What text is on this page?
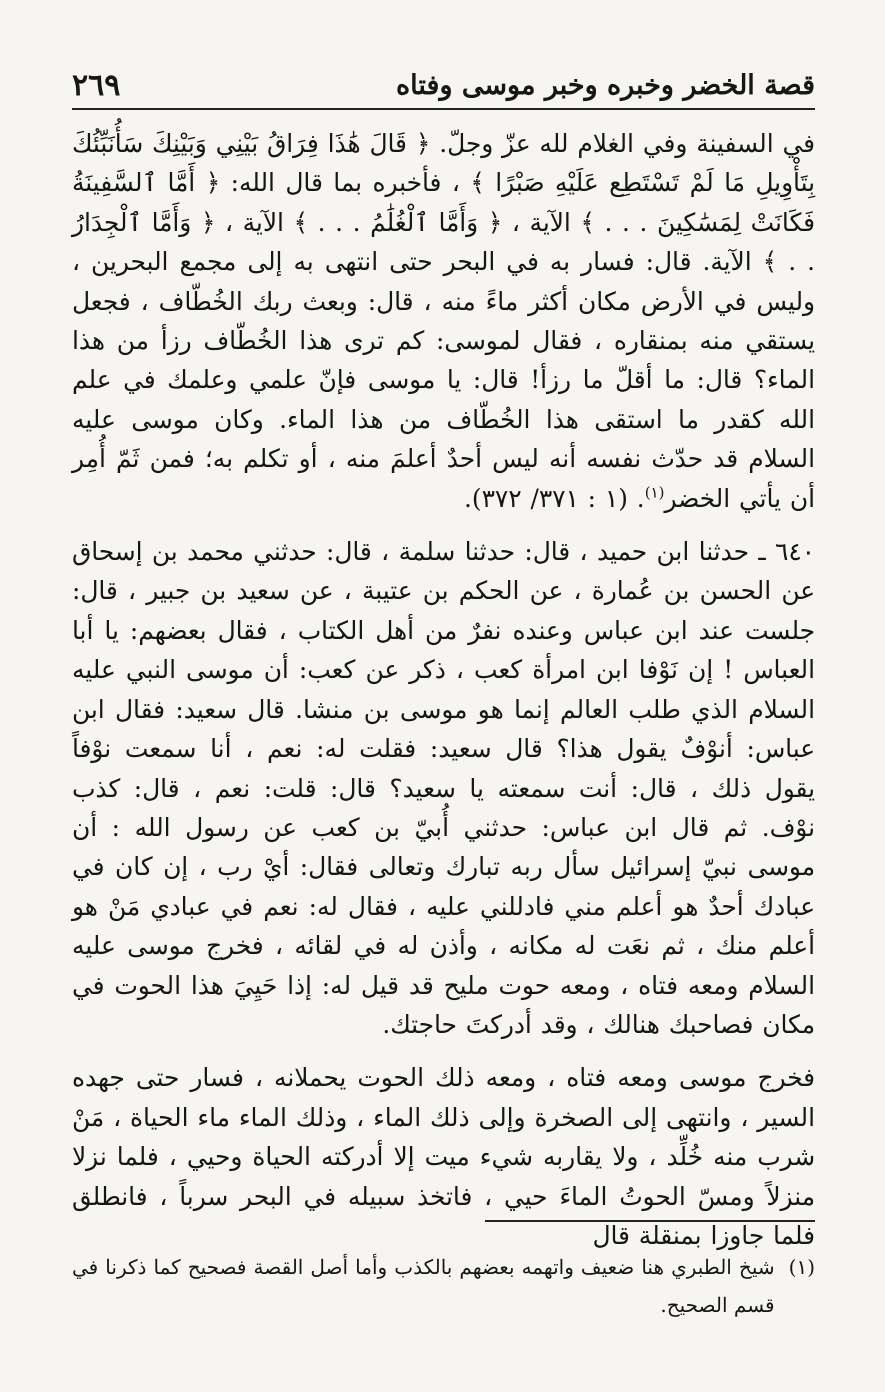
٢٦٩	قصة الخضر وخبره وخبر موسى وفتاه

في السفينة وفي الغلام لله عزّ وجلّ. ﴿ قَالَ هَٰذَا فِرَاقُ بَيْنِي وَبَيْنِكَ سَأُنَبِّئُكَ بِتَأْوِيلِ مَا لَمْ تَسْتَطِع عَلَيْهِ صَبْرًا ﴾ ، فأخبره بما قال الله: ﴿ أَمَّا ٱلسَّفِينَةُ فَكَانَتْ لِمَسَٰكِينَ . . . ﴾ الآية ، ﴿ وَأَمَّا ٱلْغُلَٰمُ . . . ﴾ الآية ، ﴿ وَأَمَّا ٱلْجِدَارُ . . ﴾ الآية. قال: فسار به في البحر حتى انتهى به إلى مجمع البحرين ، وليس في الأرض مكان أكثر ماءً منه ، قال: وبعث ربك الخُطّاف ، فجعل يستقي منه بمنقاره ، فقال لموسى: كم ترى هذا الخُطّاف رزأ من هذا الماء؟ قال: ما أقلّ ما رزأ! قال: يا موسى فإنّ علمي وعلمك في علم الله كقدر ما استقى هذا الخُطّاف من هذا الماء. وكان موسى عليه السلام قد حدّث نفسه أنه ليس أحدٌ أعلمَ منه ، أو تكلم به؛ فمن ثَمّ أُمِر أن يأتي الخضر$^{(١)}$. (١ : ٣٧١/ ٣٧٢).

٦٤٠ ـ حدثنا ابن حميد ، قال: حدثنا سلمة ، قال: حدثني محمد بن إسحاق عن الحسن بن عُمارة ، عن الحكم بن عتيبة ، عن سعيد بن جبير ، قال: جلست عند ابن عباس وعنده نفرٌ من أهل الكتاب ، فقال بعضهم: يا أبا العباس ! إن نَوْفا ابن امرأة كعب ، ذكر عن كعب: أن موسى النبي عليه السلام الذي طلب العالم إنما هو موسى بن منشا. قال سعيد: فقال ابن عباس: أنوْفٌ يقول هذا؟ قال سعيد: فقلت له: نعم ، أنا سمعت نوْفاً يقول ذلك ، قال: أنت سمعته يا سعيد؟ قال: قلت: نعم ، قال: كذب نوْف. ثم قال ابن عباس: حدثني أُبيّ بن كعب عن رسول الله : أن موسى نبيّ إسرائيل سأل ربه تبارك وتعالى فقال: أيْ رب ، إن كان في عبادك أحدٌ هو أعلم مني فادللني عليه ، فقال له: نعم في عبادي مَنْ هو أعلم منك ، ثم نعَت له مكانه ، وأذن له في لقائه ، فخرج موسى عليه السلام ومعه فتاه ، ومعه حوت مليح قد قيل له: إذا حَيِيَ هذا الحوت في مكان فصاحبك هنالك ، وقد أدركتَ حاجتك.

فخرج موسى ومعه فتاه ، ومعه ذلك الحوت يحملانه ، فسار حتى جهده السير ، وانتهى إلى الصخرة وإلى ذلك الماء ، وذلك الماء ماء الحياة ، مَنْ شرب منه خُلِّد ، ولا يقاربه شيء ميت إلا أدركته الحياة وحيي ، فلما نزلا منزلاً ومسّ الحوتُ الماءَ حيي ، فاتخذ سبيله في البحر سرباً ، فانطلق فلما جاوزا بمنقلة قال

(١)
شيخ الطبري هنا ضعيف واتهمه بعضهم بالكذب وأما أصل القصة فصحيح كما ذكرنا في قسم الصحيح.
